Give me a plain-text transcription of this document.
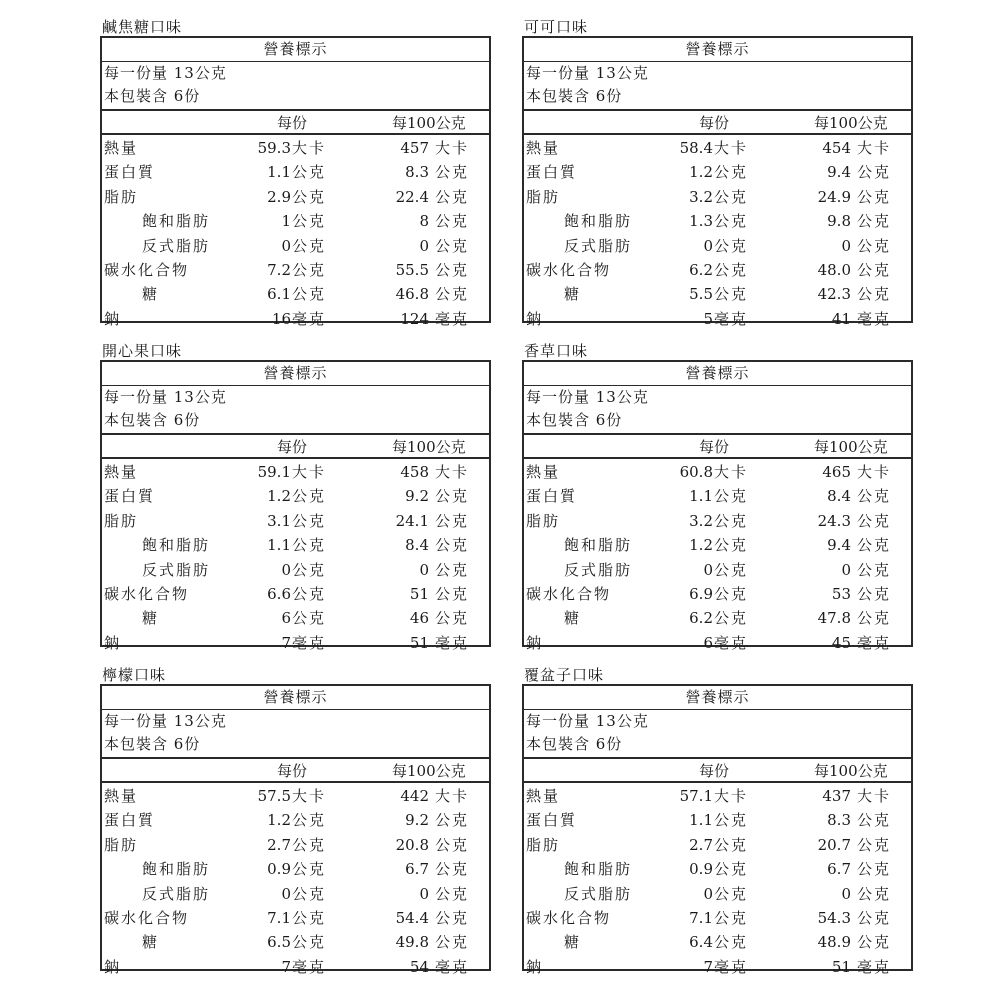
鹹焦糖口味
營養標示
每一份量 13公克
本包裝含 6份
每份	每100公克
熱量	59.3 大卡	457 大卡
蛋白質	1.1 公克	8.3 公克
脂肪	2.9 公克	22.4 公克
飽和脂肪	1 公克	8 公克
反式脂肪	0 公克	0 公克
碳水化合物	7.2 公克	55.5 公克
糖	6.1 公克	46.8 公克
鈉	16 毫克	124 毫克
可可口味
營養標示
每一份量 13公克
本包裝含 6份
每份	每100公克
熱量	58.4 大卡	454 大卡
蛋白質	1.2 公克	9.4 公克
脂肪	3.2 公克	24.9 公克
飽和脂肪	1.3 公克	9.8 公克
反式脂肪	0 公克	0 公克
碳水化合物	6.2 公克	48.0 公克
糖	5.5 公克	42.3 公克
鈉	5 毫克	41 毫克
開心果口味
營養標示
每一份量 13公克
本包裝含 6份
每份	每100公克
熱量	59.1 大卡	458 大卡
蛋白質	1.2 公克	9.2 公克
脂肪	3.1 公克	24.1 公克
飽和脂肪	1.1 公克	8.4 公克
反式脂肪	0 公克	0 公克
碳水化合物	6.6 公克	51 公克
糖	6 公克	46 公克
鈉	7 毫克	51 毫克
香草口味
營養標示
每一份量 13公克
本包裝含 6份
每份	每100公克
熱量	60.8 大卡	465 大卡
蛋白質	1.1 公克	8.4 公克
脂肪	3.2 公克	24.3 公克
飽和脂肪	1.2 公克	9.4 公克
反式脂肪	0 公克	0 公克
碳水化合物	6.9 公克	53 公克
糖	6.2 公克	47.8 公克
鈉	6 毫克	45 毫克
檸檬口味
營養標示
每一份量 13公克
本包裝含 6份
每份	每100公克
熱量	57.5 大卡	442 大卡
蛋白質	1.2 公克	9.2 公克
脂肪	2.7 公克	20.8 公克
飽和脂肪	0.9 公克	6.7 公克
反式脂肪	0 公克	0 公克
碳水化合物	7.1 公克	54.4 公克
糖	6.5 公克	49.8 公克
鈉	7 毫克	54 毫克
覆盆子口味
營養標示
每一份量 13公克
本包裝含 6份
每份	每100公克
熱量	57.1 大卡	437 大卡
蛋白質	1.1 公克	8.3 公克
脂肪	2.7 公克	20.7 公克
飽和脂肪	0.9 公克	6.7 公克
反式脂肪	0 公克	0 公克
碳水化合物	7.1 公克	54.3 公克
糖	6.4 公克	48.9 公克
鈉	7 毫克	51 毫克
